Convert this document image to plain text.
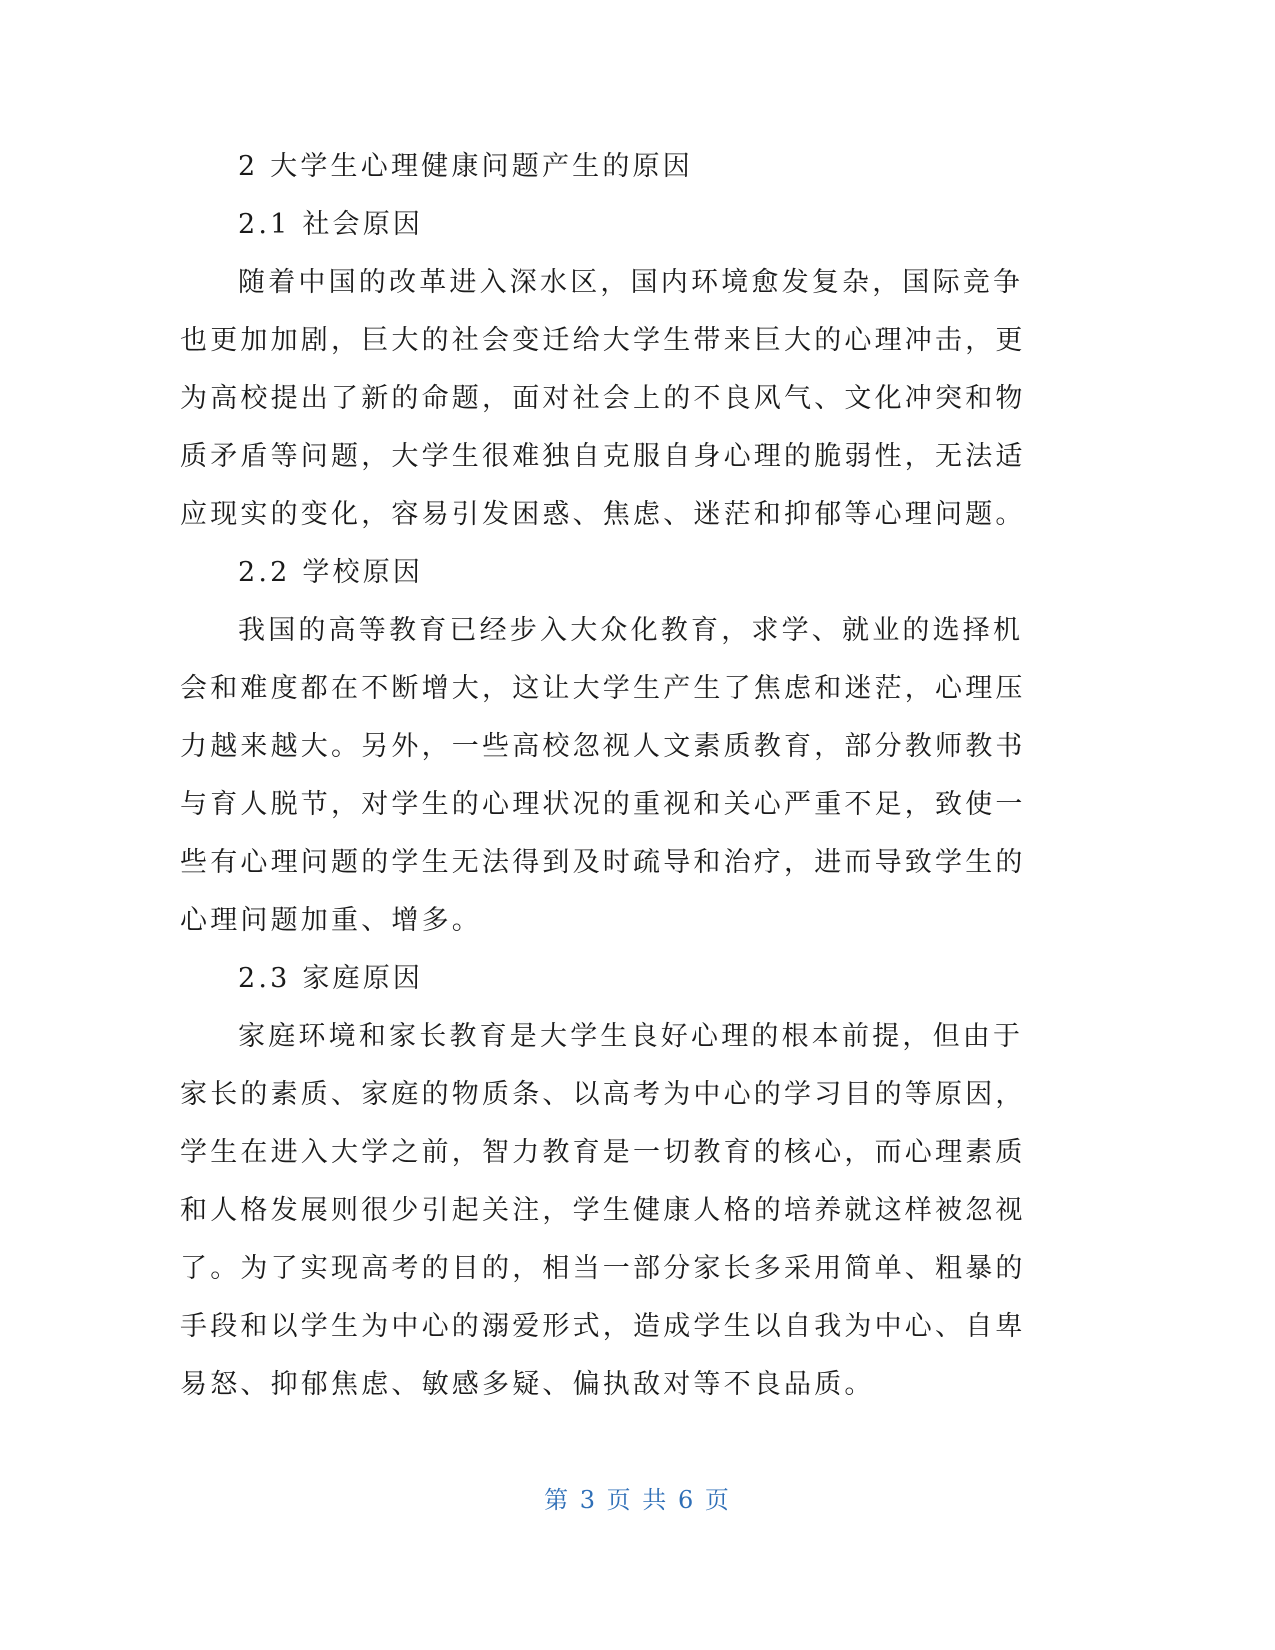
2 大学生心理健康问题产生的原因
2.1 社会原因
随着中国的改革进入深水区，国内环境愈发复杂，国际竞争
也更加加剧，巨大的社会变迁给大学生带来巨大的心理冲击，更
为高校提出了新的命题，面对社会上的不良风气、文化冲突和物
质矛盾等问题，大学生很难独自克服自身心理的脆弱性，无法适
应现实的变化，容易引发困惑、焦虑、迷茫和抑郁等心理问题。
2.2 学校原因
我国的高等教育已经步入大众化教育，求学、就业的选择机
会和难度都在不断增大，这让大学生产生了焦虑和迷茫，心理压
力越来越大。另外，一些高校忽视人文素质教育，部分教师教书
与育人脱节，对学生的心理状况的重视和关心严重不足，致使一
些有心理问题的学生无法得到及时疏导和治疗，进而导致学生的
心理问题加重、增多。
2.3 家庭原因
家庭环境和家长教育是大学生良好心理的根本前提，但由于
家长的素质、家庭的物质条、以高考为中心的学习目的等原因，
学生在进入大学之前，智力教育是一切教育的核心，而心理素质
和人格发展则很少引起关注，学生健康人格的培养就这样被忽视
了。为了实现高考的目的，相当一部分家长多采用简单、粗暴的
手段和以学生为中心的溺爱形式，造成学生以自我为中心、自卑
易怒、抑郁焦虑、敏感多疑、偏执敌对等不良品质。
第 3 页 共 6 页
